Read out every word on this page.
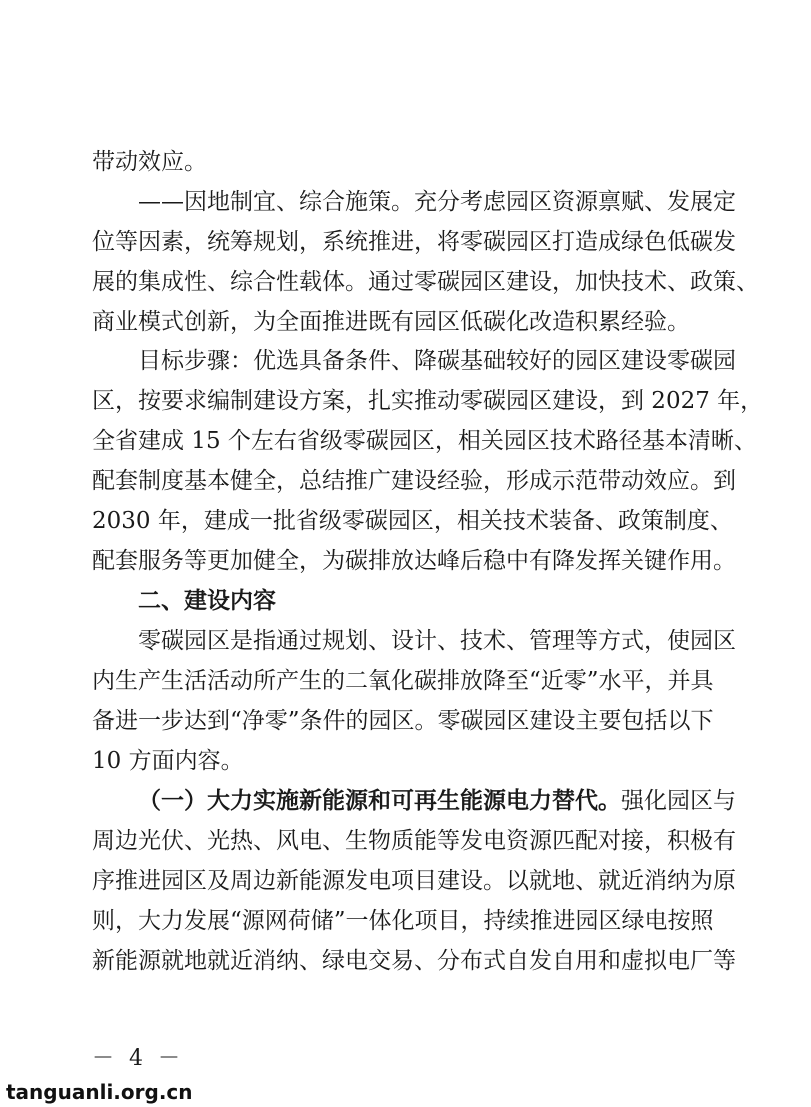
带动效应。
——因地制宜、综合施策。充分考虑园区资源禀赋、发展定
位等因素，统筹规划，系统推进，将零碳园区打造成绿色低碳发
展的集成性、综合性载体。通过零碳园区建设，加快技术、政策、
商业模式创新，为全面推进既有园区低碳化改造积累经验。
目标步骤：优选具备条件、降碳基础较好的园区建设零碳园
区，按要求编制建设方案，扎实推动零碳园区建设，到 2027 年，
全省建成 15 个左右省级零碳园区，相关园区技术路径基本清晰、
配套制度基本健全，总结推广建设经验，形成示范带动效应。到
2030 年，建成一批省级零碳园区，相关技术装备、政策制度、
配套服务等更加健全，为碳排放达峰后稳中有降发挥关键作用。
二、建设内容
零碳园区是指通过规划、设计、技术、管理等方式，使园区
内生产生活活动所产生的二氧化碳排放降至“近零”水平，并具
备进一步达到“净零”条件的园区。零碳园区建设主要包括以下
10 方面内容。
（一）大力实施新能源和可再生能源电力替代。强化园区与
周边光伏、光热、风电、生物质能等发电资源匹配对接，积极有
序推进园区及周边新能源发电项目建设。以就地、就近消纳为原
则，大力发展“源网荷储”一体化项目，持续推进园区绿电按照
新能源就地就近消纳、绿电交易、分布式自发自用和虚拟电厂等
－ 4 －
tanguanli.org.cn
